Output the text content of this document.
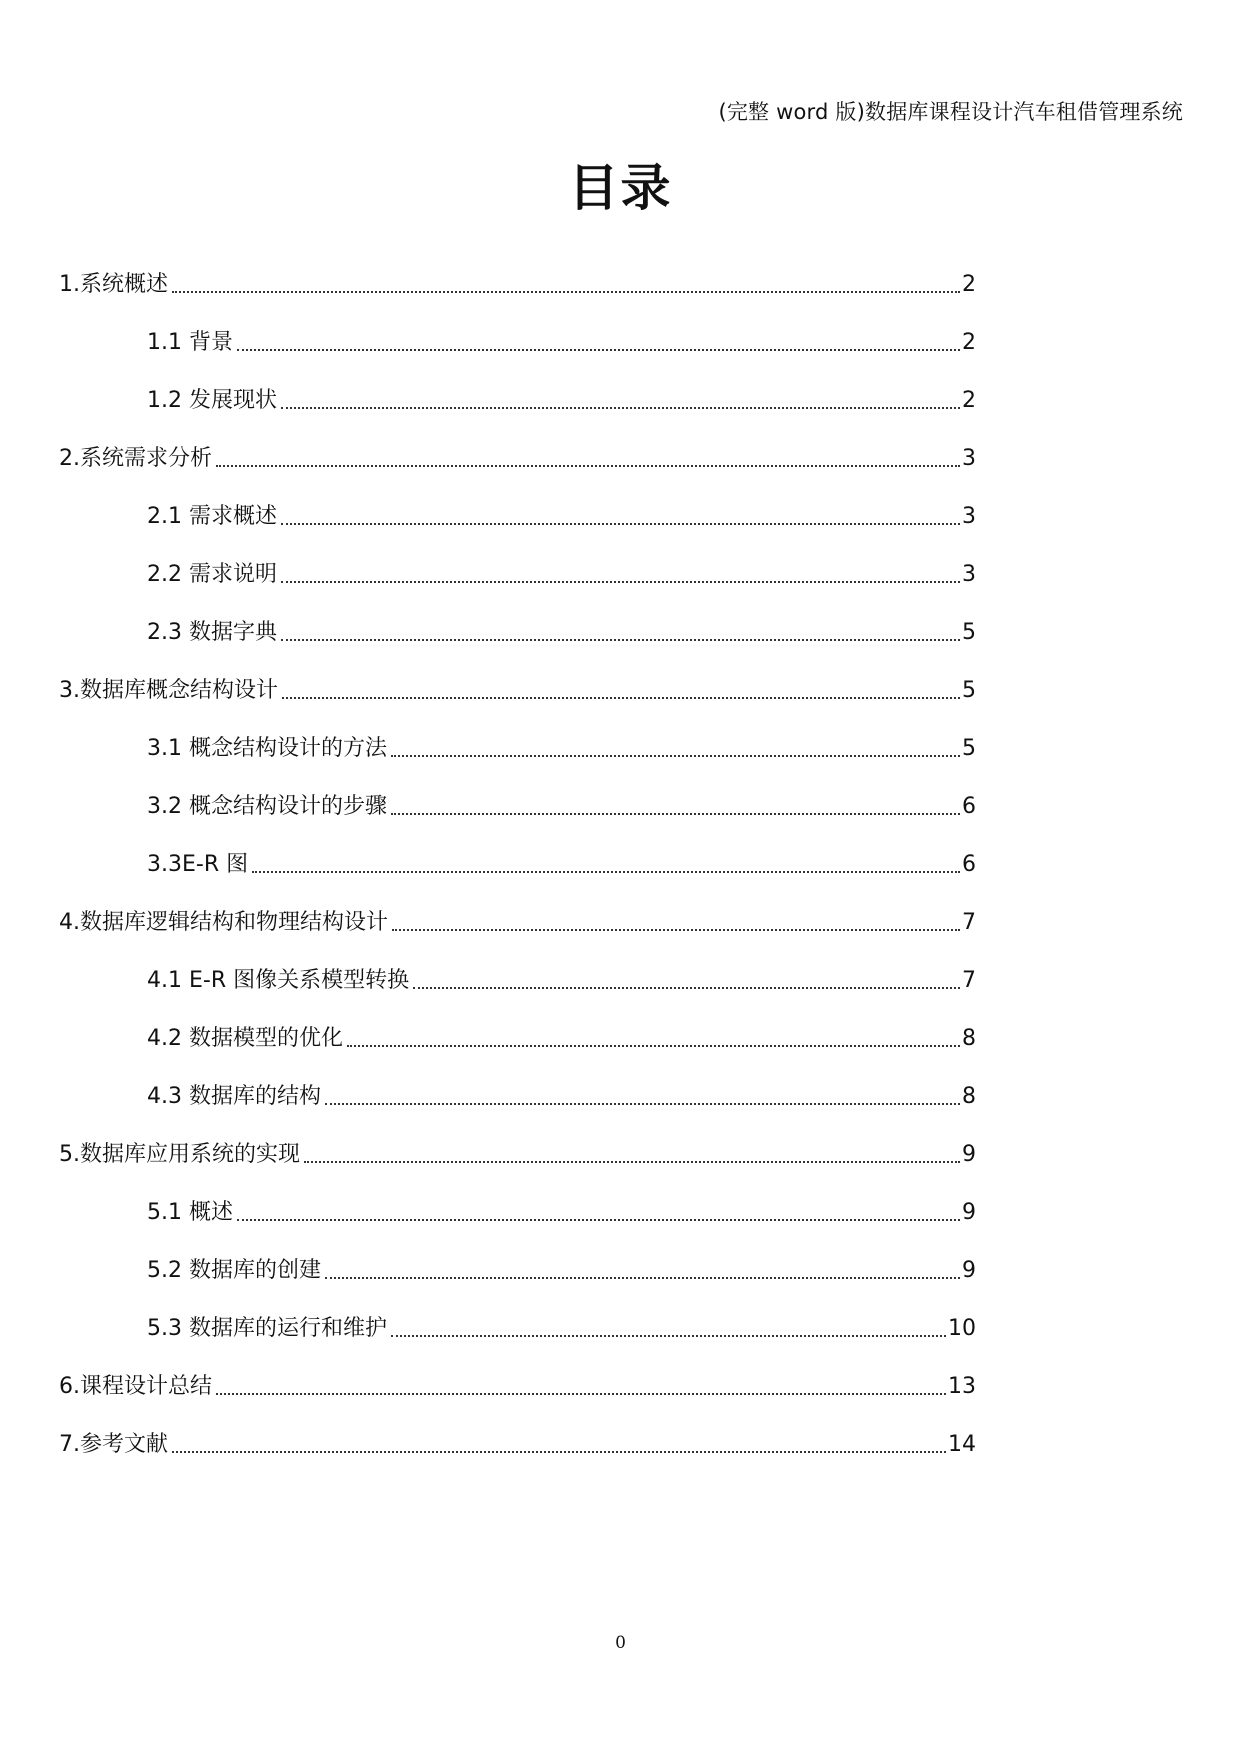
(完整 word 版)数据库课程设计汽车租借管理系统
目录
1.系统概述	2
1.1 背景	2
1.2 发展现状	2
2.系统需求分析	3
2.1 需求概述	3
2.2 需求说明	3
2.3 数据字典	5
3.数据库概念结构设计	5
3.1 概念结构设计的方法	5
3.2 概念结构设计的步骤	6
3.3E-R 图	6
4.数据库逻辑结构和物理结构设计	7
4.1 E-R 图像关系模型转换	7
4.2 数据模型的优化	8
4.3 数据库的结构	8
5.数据库应用系统的实现	9
5.1 概述	9
5.2 数据库的创建	9
5.3 数据库的运行和维护	10
6.课程设计总结	13
7.参考文献	14
0
